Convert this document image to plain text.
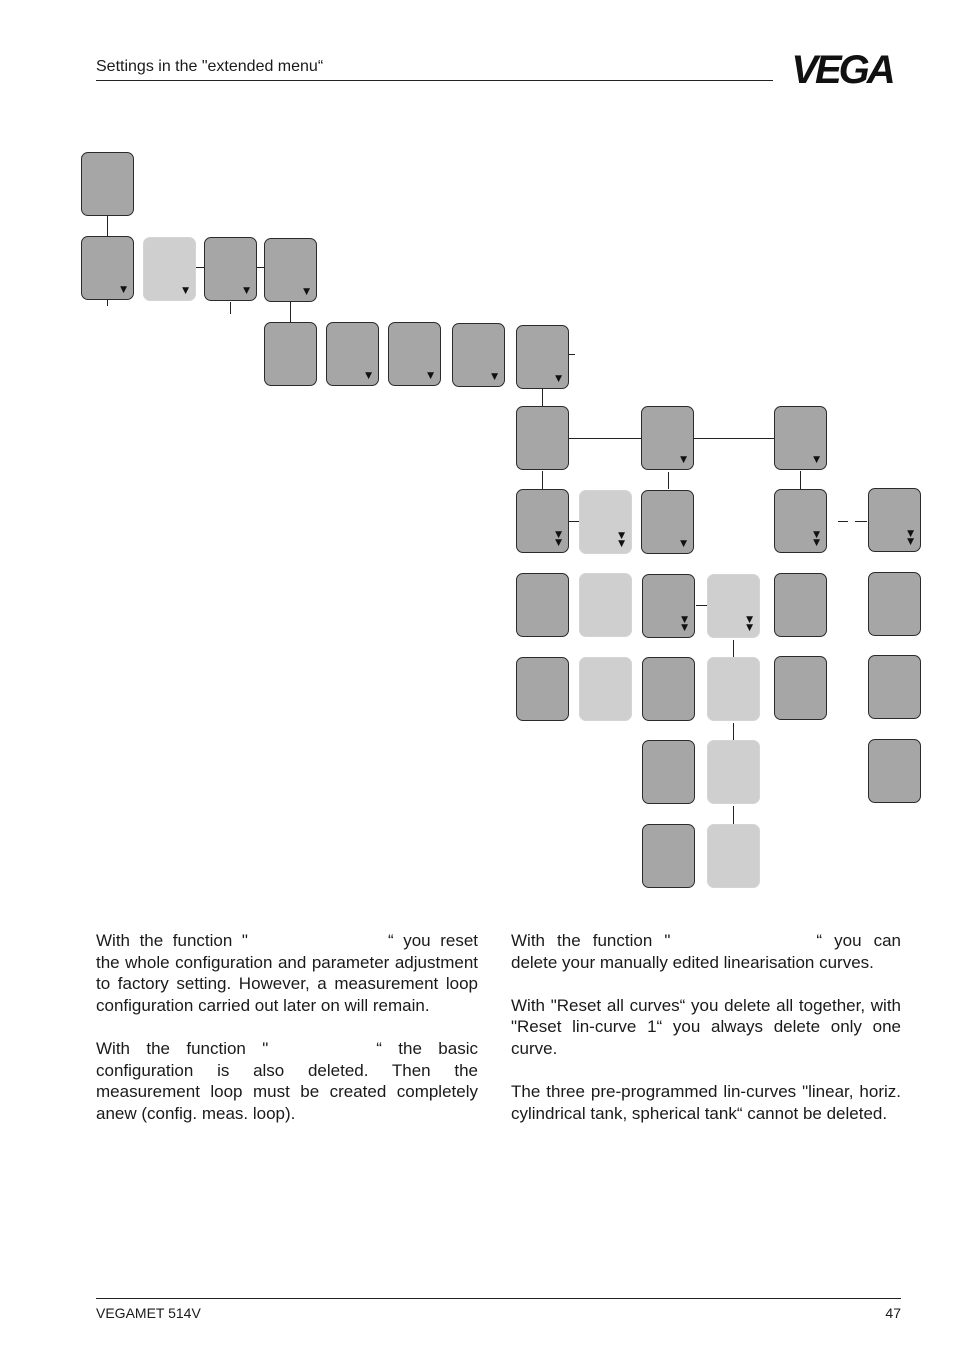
Settings in the "extended menu“	VEGA
▼	▼	▼	▼
▼	▼	▼	▼
▼	▼
▼
▼
▼
▼	▼
▼
▼
▼
▼
▼
▼
▼
▼

With the function "	“ you reset the whole configuration and parameter adjustment to factory setting. However, a measurement loop configuration carried out later on will remain.

With the function "	“ the basic configuration is also deleted. Then the measurement loop must be created completely anew (config. meas. loop).

With the function "	“ you can delete your manually edited linearisation curves.

With "Reset all curves“ you delete all together, with "Reset lin-curve 1“ you always delete only one curve.

The three pre-programmed lin-curves "linear, horiz. cylindrical tank, spherical tank“ cannot be deleted.

VEGAMET 514V	47
